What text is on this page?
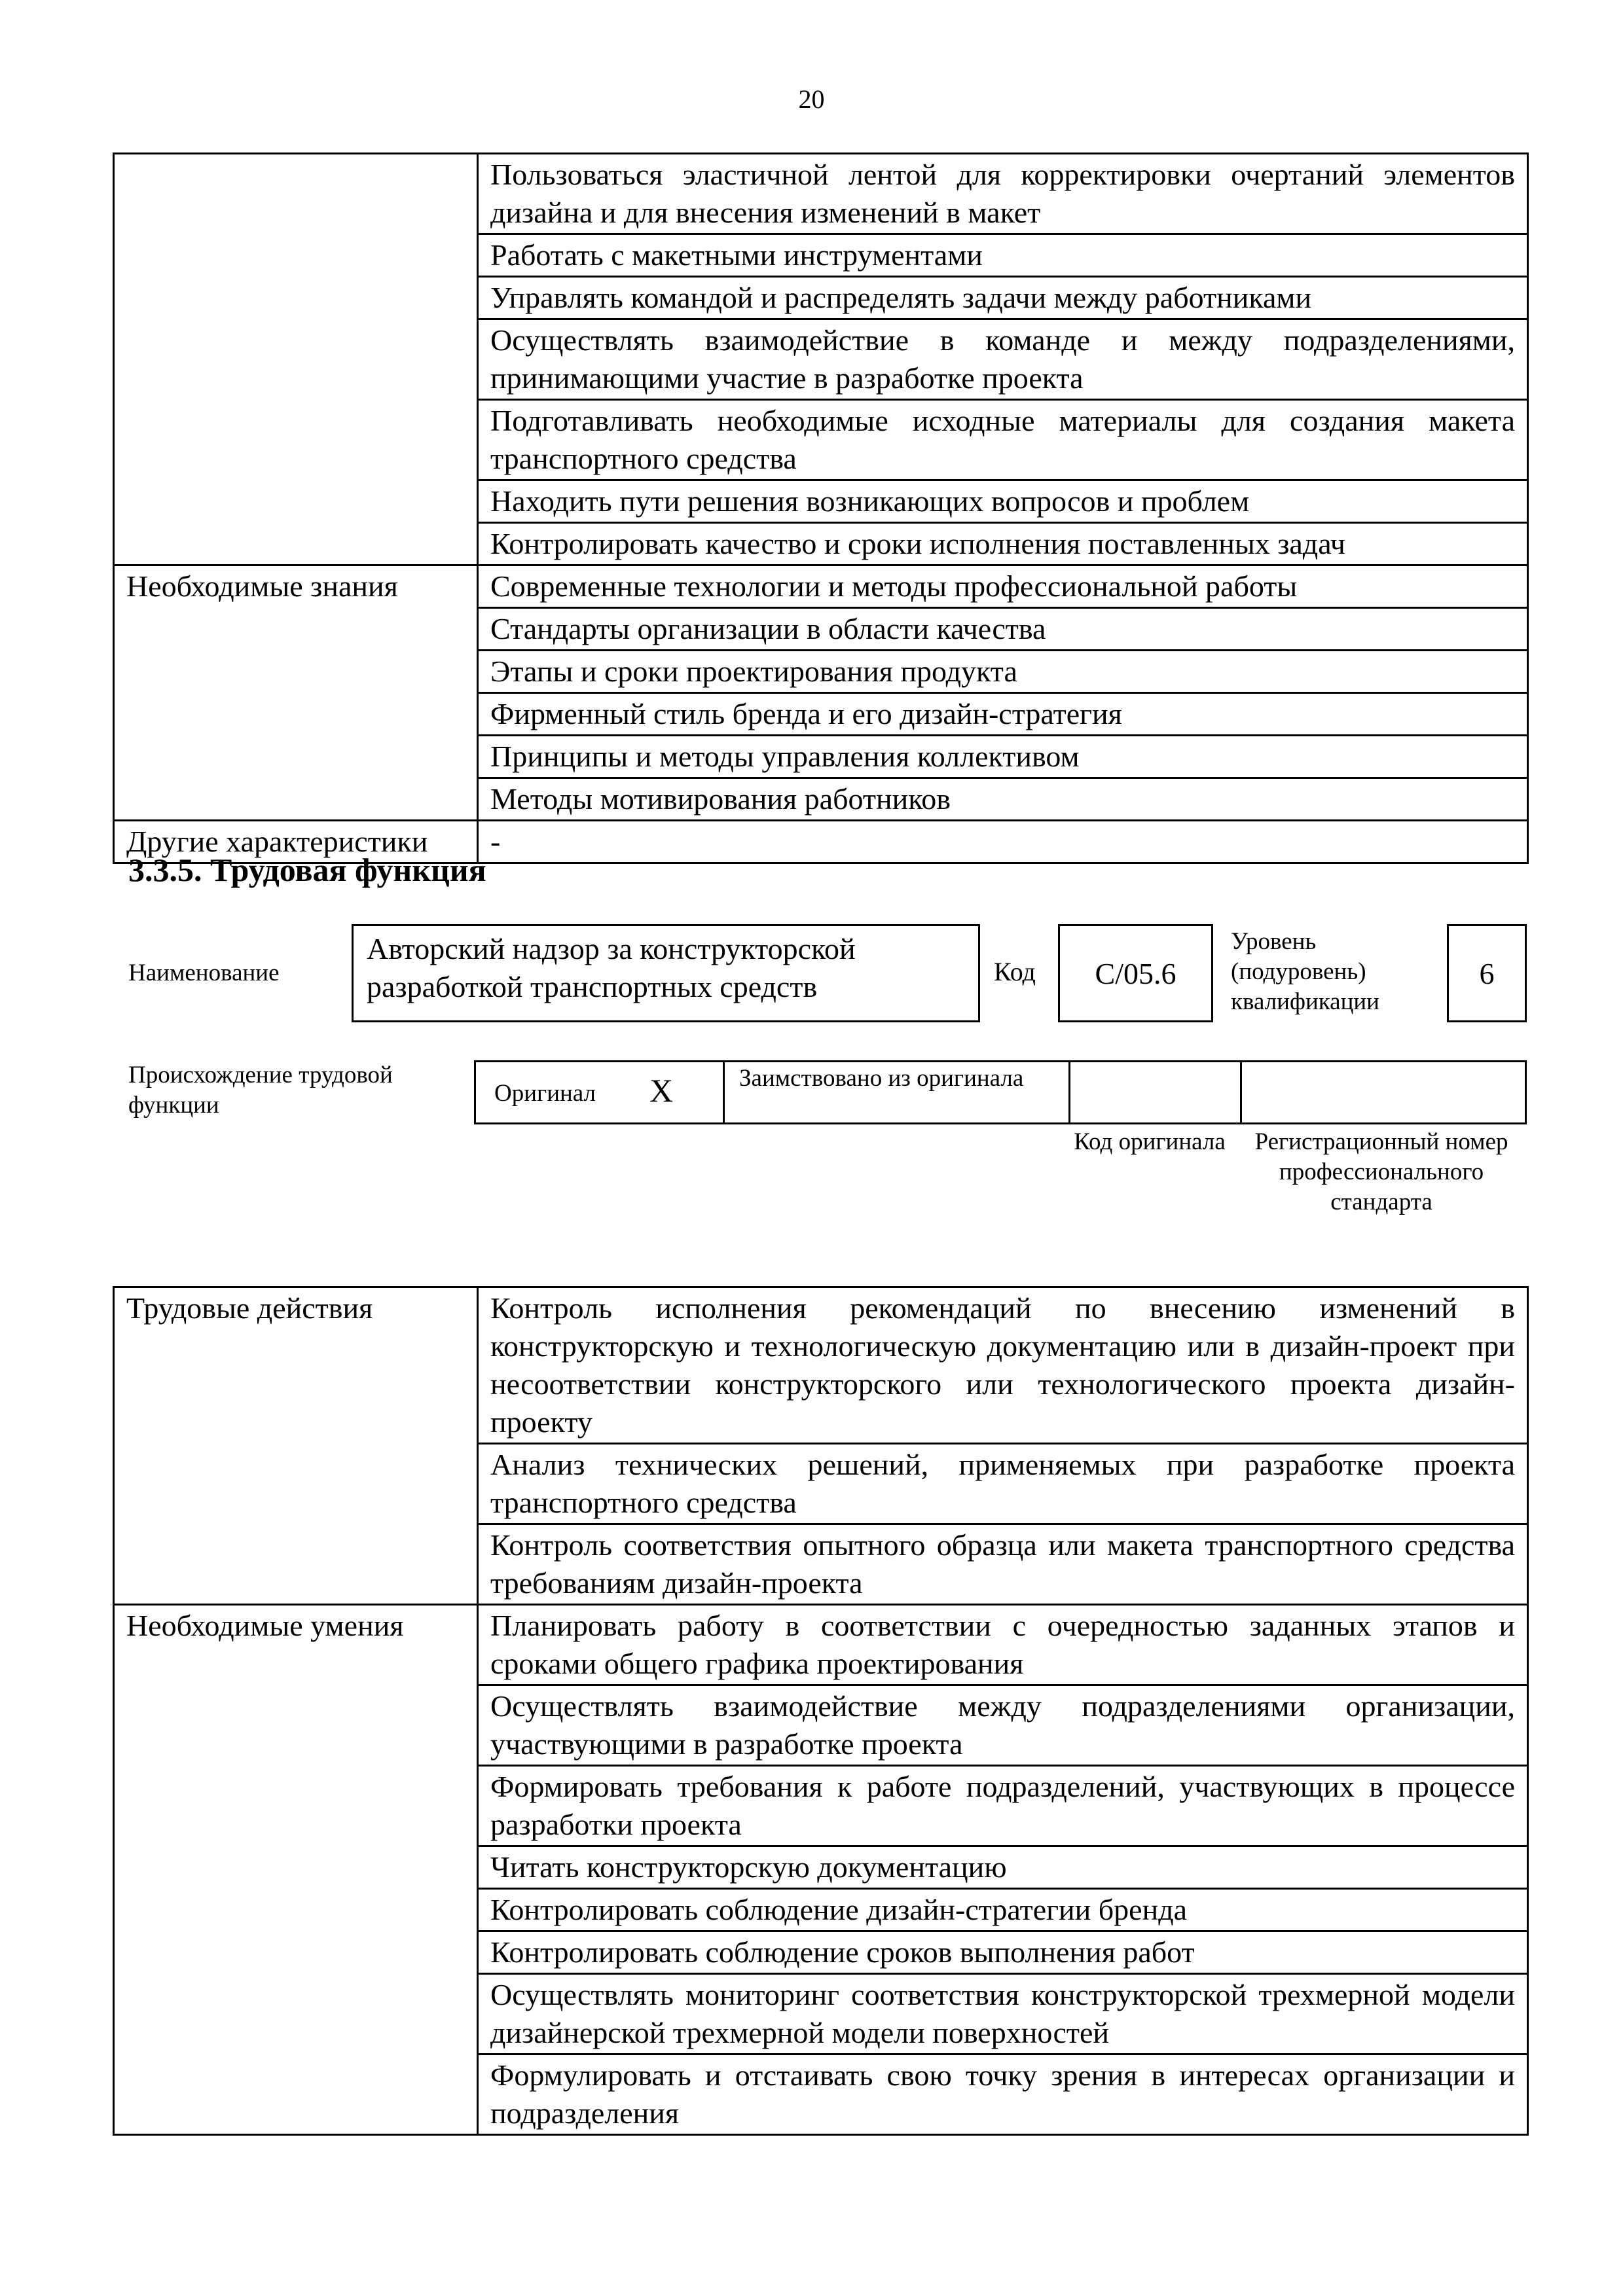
20
	Пользоваться эластичной лентой для корректировки очертаний элементов дизайна и для внесения изменений в макет
	Работать с макетными инструментами
	Управлять командой и распределять задачи между работниками
	Осуществлять взаимодействие в команде и между подразделениями, принимающими участие в разработке проекта
	Подготавливать необходимые исходные материалы для создания макета транспортного средства
	Находить пути решения возникающих вопросов и проблем
	Контролировать качество и сроки исполнения поставленных задач
Необходимые знания	Современные технологии и методы профессиональной работы
	Стандарты организации в области качества
	Этапы и сроки проектирования продукта
	Фирменный стиль бренда и его дизайн-стратегия
	Принципы и методы управления коллективом
	Методы мотивирования работников
Другие характеристики	-
3.3.5. Трудовая функция
Наименование
Авторский надзор за конструкторской разработкой транспортных средств	Код	C/05.6
Уровень (подуровень) квалификации
6
Происхождение трудовой функции	Оригинал X	Заимствовано из оригинала
Код оригинала	Регистрационный номер профессионального стандарта
Трудовые действия	Контроль исполнения рекомендаций по внесению изменений в конструкторскую и технологическую документацию или в дизайн-проект при несоответствии конструкторского или технологического проекта дизайн-проекту
	Анализ технических решений, применяемых при разработке проекта транспортного средства
	Контроль соответствия опытного образца или макета транспортного средства требованиям дизайн-проекта
Необходимые умения	Планировать работу в соответствии с очередностью заданных этапов и сроками общего графика проектирования
	Осуществлять взаимодействие между подразделениями организации, участвующими в разработке проекта
	Формировать требования к работе подразделений, участвующих в процессе разработки проекта
	Читать конструкторскую документацию
	Контролировать соблюдение дизайн-стратегии бренда
	Контролировать соблюдение сроков выполнения работ
	Осуществлять мониторинг соответствия конструкторской трехмерной модели дизайнерской трехмерной модели поверхностей
	Формулировать и отстаивать свою точку зрения в интересах организации и подразделения
